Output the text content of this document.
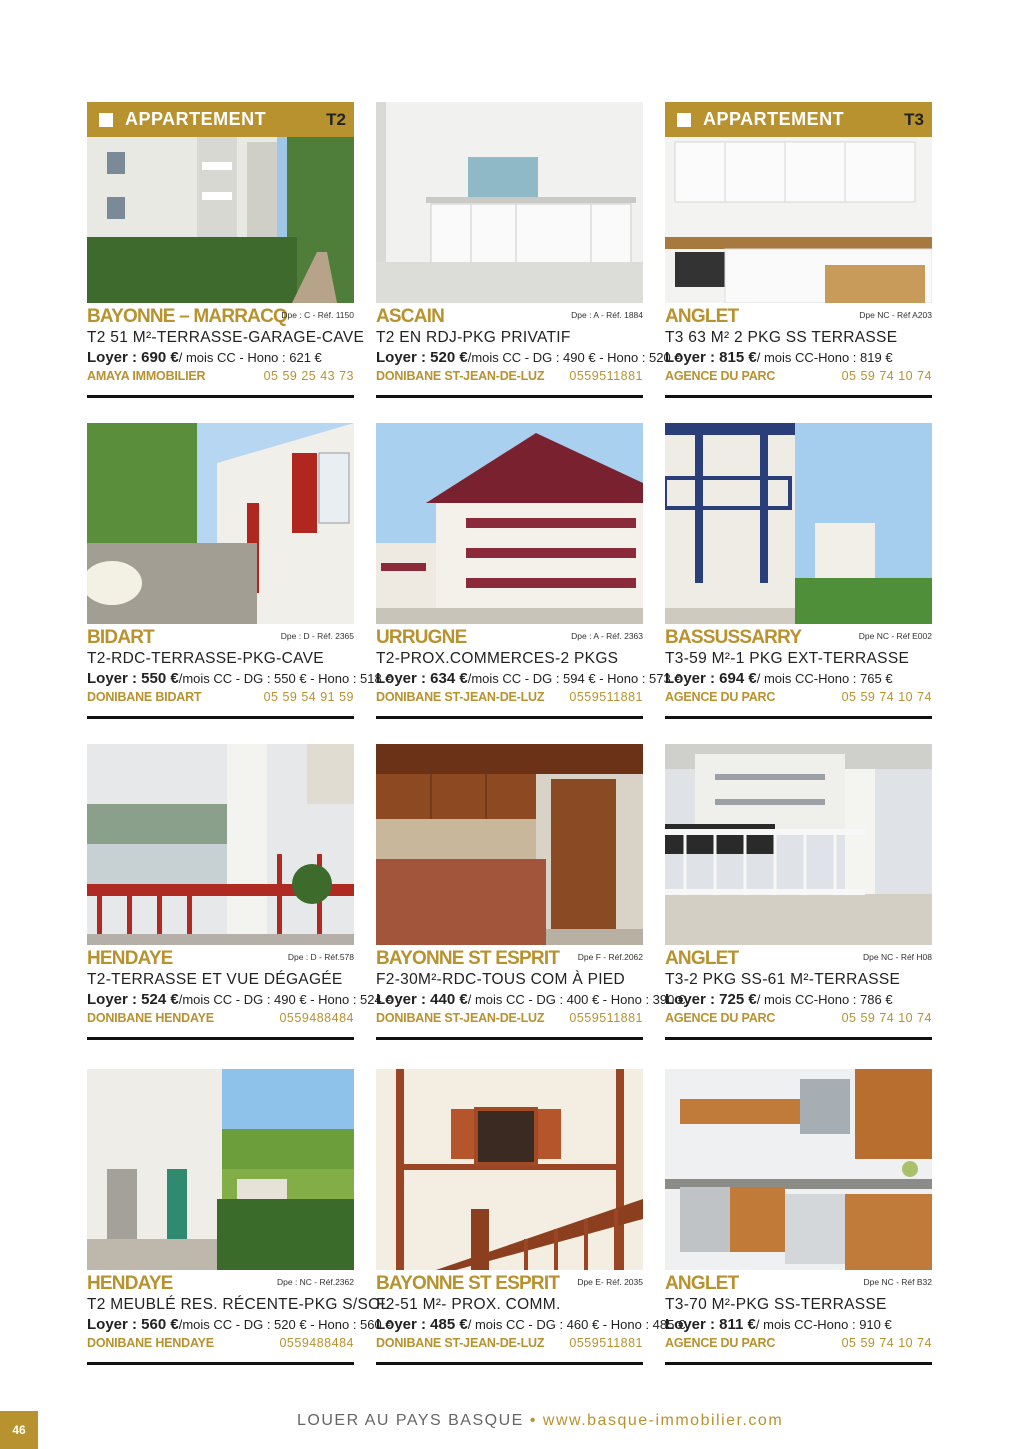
APPARTEMENT	T2
BAYONNE – MARRACQ
Dpe : C - Réf. 1150
T2 51 M²-TERRASSE-GARAGE-CAVE
Loyer : 690 €/ mois CC - Hono : 621 €
AMAYA IMMOBILIER	05 59 25 43 73
ASCAIN	Dpe : A - Réf. 1884
T2 EN RDJ-PKG PRIVATIF
Loyer : 520 €/mois CC - DG : 490 € - Hono : 520 €
DONIBANE ST-JEAN-DE-LUZ 0559511881
APPARTEMENT	T3
ANGLET	Dpe NC - Réf A203
T3 63 M² 2 PKG SS TERRASSE
Loyer : 815 €/ mois CC-Hono : 819 €
AGENCE DU PARC	05 59 74 10 74
BIDART	Dpe : D - Réf. 2365
T2-RDC-TERRASSE-PKG-CAVE
Loyer : 550 €/mois CC - DG : 550 € - Hono : 518 €
DONIBANE BIDART	05 59 54 91 59
URRUGNE	Dpe : A - Réf. 2363
T2-PROX.COMMERCES-2 PKGS
Loyer : 634 €/mois CC - DG : 594 € - Hono : 573 €
DONIBANE ST-JEAN-DE-LUZ 0559511881
BASSUSSARRY	Dpe NC - Réf E002
T3-59 M²-1 PKG EXT-TERRASSE
Loyer : 694 €/ mois CC-Hono : 765 €
AGENCE DU PARC	05 59 74 10 74
HENDAYE	Dpe : D - Réf.578
T2-TERRASSE ET VUE DÉGAGÉE
Loyer : 524 €/mois CC - DG : 490 € - Hono : 524 €
DONIBANE HENDAYE	0559488484
BAYONNE ST ESPRIT Dpe F - Réf.2062
F2-30M²-RDC-TOUS COM À PIED
Loyer : 440 €/ mois CC - DG : 400 € - Hono : 390 €
DONIBANE ST-JEAN-DE-LUZ 0559511881
ANGLET	Dpe NC - Réf H08
T3-2 PKG SS-61 M²-TERRASSE
Loyer : 725 €/ mois CC-Hono : 786 €
AGENCE DU PARC	05 59 74 10 74
HENDAYE	Dpe : NC - Réf.2362
T2 MEUBLÉ RES. RÉCENTE-PKG S/SOL
Loyer : 560 €/mois CC - DG : 520 € - Hono : 560 €
DONIBANE HENDAYE	0559488484
BAYONNE ST ESPRIT Dpe E- Réf. 2035
F2-51 M²- PROX. COMM.
Loyer : 485 €/ mois CC - DG : 460 € - Hono : 485 €
DONIBANE ST-JEAN-DE-LUZ 0559511881
ANGLET	Dpe NC - Réf B32
T3-70 M²-PKG SS-TERRASSE
Loyer : 811 €/ mois CC-Hono : 910 €
AGENCE DU PARC	05 59 74 10 74
46
LOUER AU PAYS BASQUE • www.basque-immobilier.com
